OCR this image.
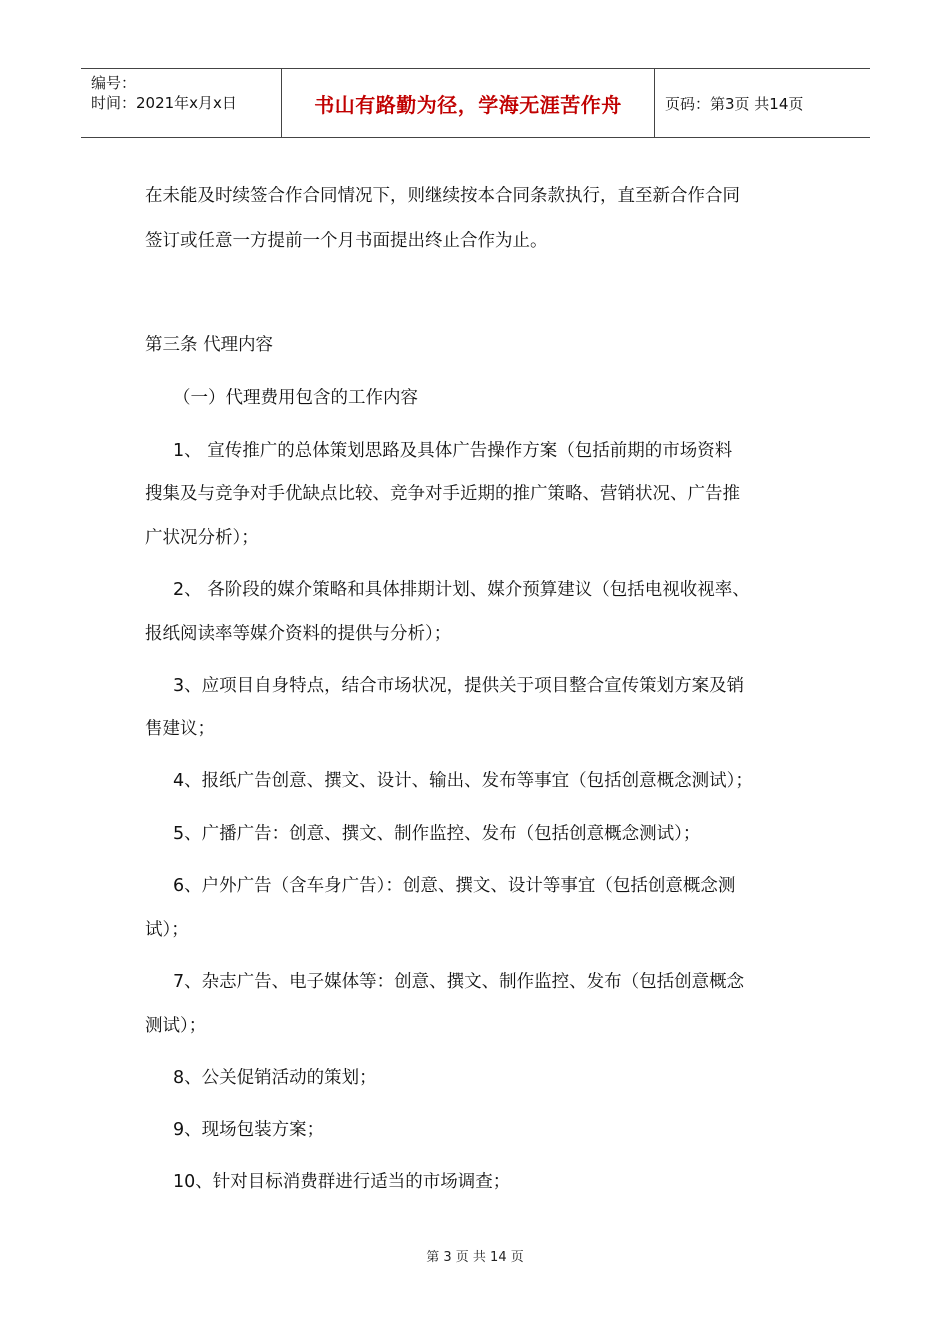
编号：
时间：2021年x月x日	书山有路勤为径，学海无涯苦作舟	页码：第3页 共14页
在未能及时续签合作合同情况下，则继续按本合同条款执行，直至新合作合同
签订或任意一方提前一个月书面提出终止合作为止。
第三条 代理内容
（一）代理费用包含的工作内容
1、 宣传推广的总体策划思路及具体广告操作方案（包括前期的市场资料
搜集及与竞争对手优缺点比较、竞争对手近期的推广策略、营销状况、广告推
广状况分析）；
2、 各阶段的媒介策略和具体排期计划、媒介预算建议（包括电视收视率、
报纸阅读率等媒介资料的提供与分析）；
3、应项目自身特点，结合市场状况，提供关于项目整合宣传策划方案及销
售建议；
4、报纸广告创意、撰文、设计、输出、发布等事宜（包括创意概念测试）；
5、广播广告：创意、撰文、制作监控、发布（包括创意概念测试）；
6、户外广告（含车身广告）：创意、撰文、设计等事宜（包括创意概念测
试）；
7、杂志广告、电子媒体等：创意、撰文、制作监控、发布（包括创意概念
测试）；
8、公关促销活动的策划；
9、现场包装方案；
10、针对目标消费群进行适当的市场调查；
第 3 页 共 14 页
